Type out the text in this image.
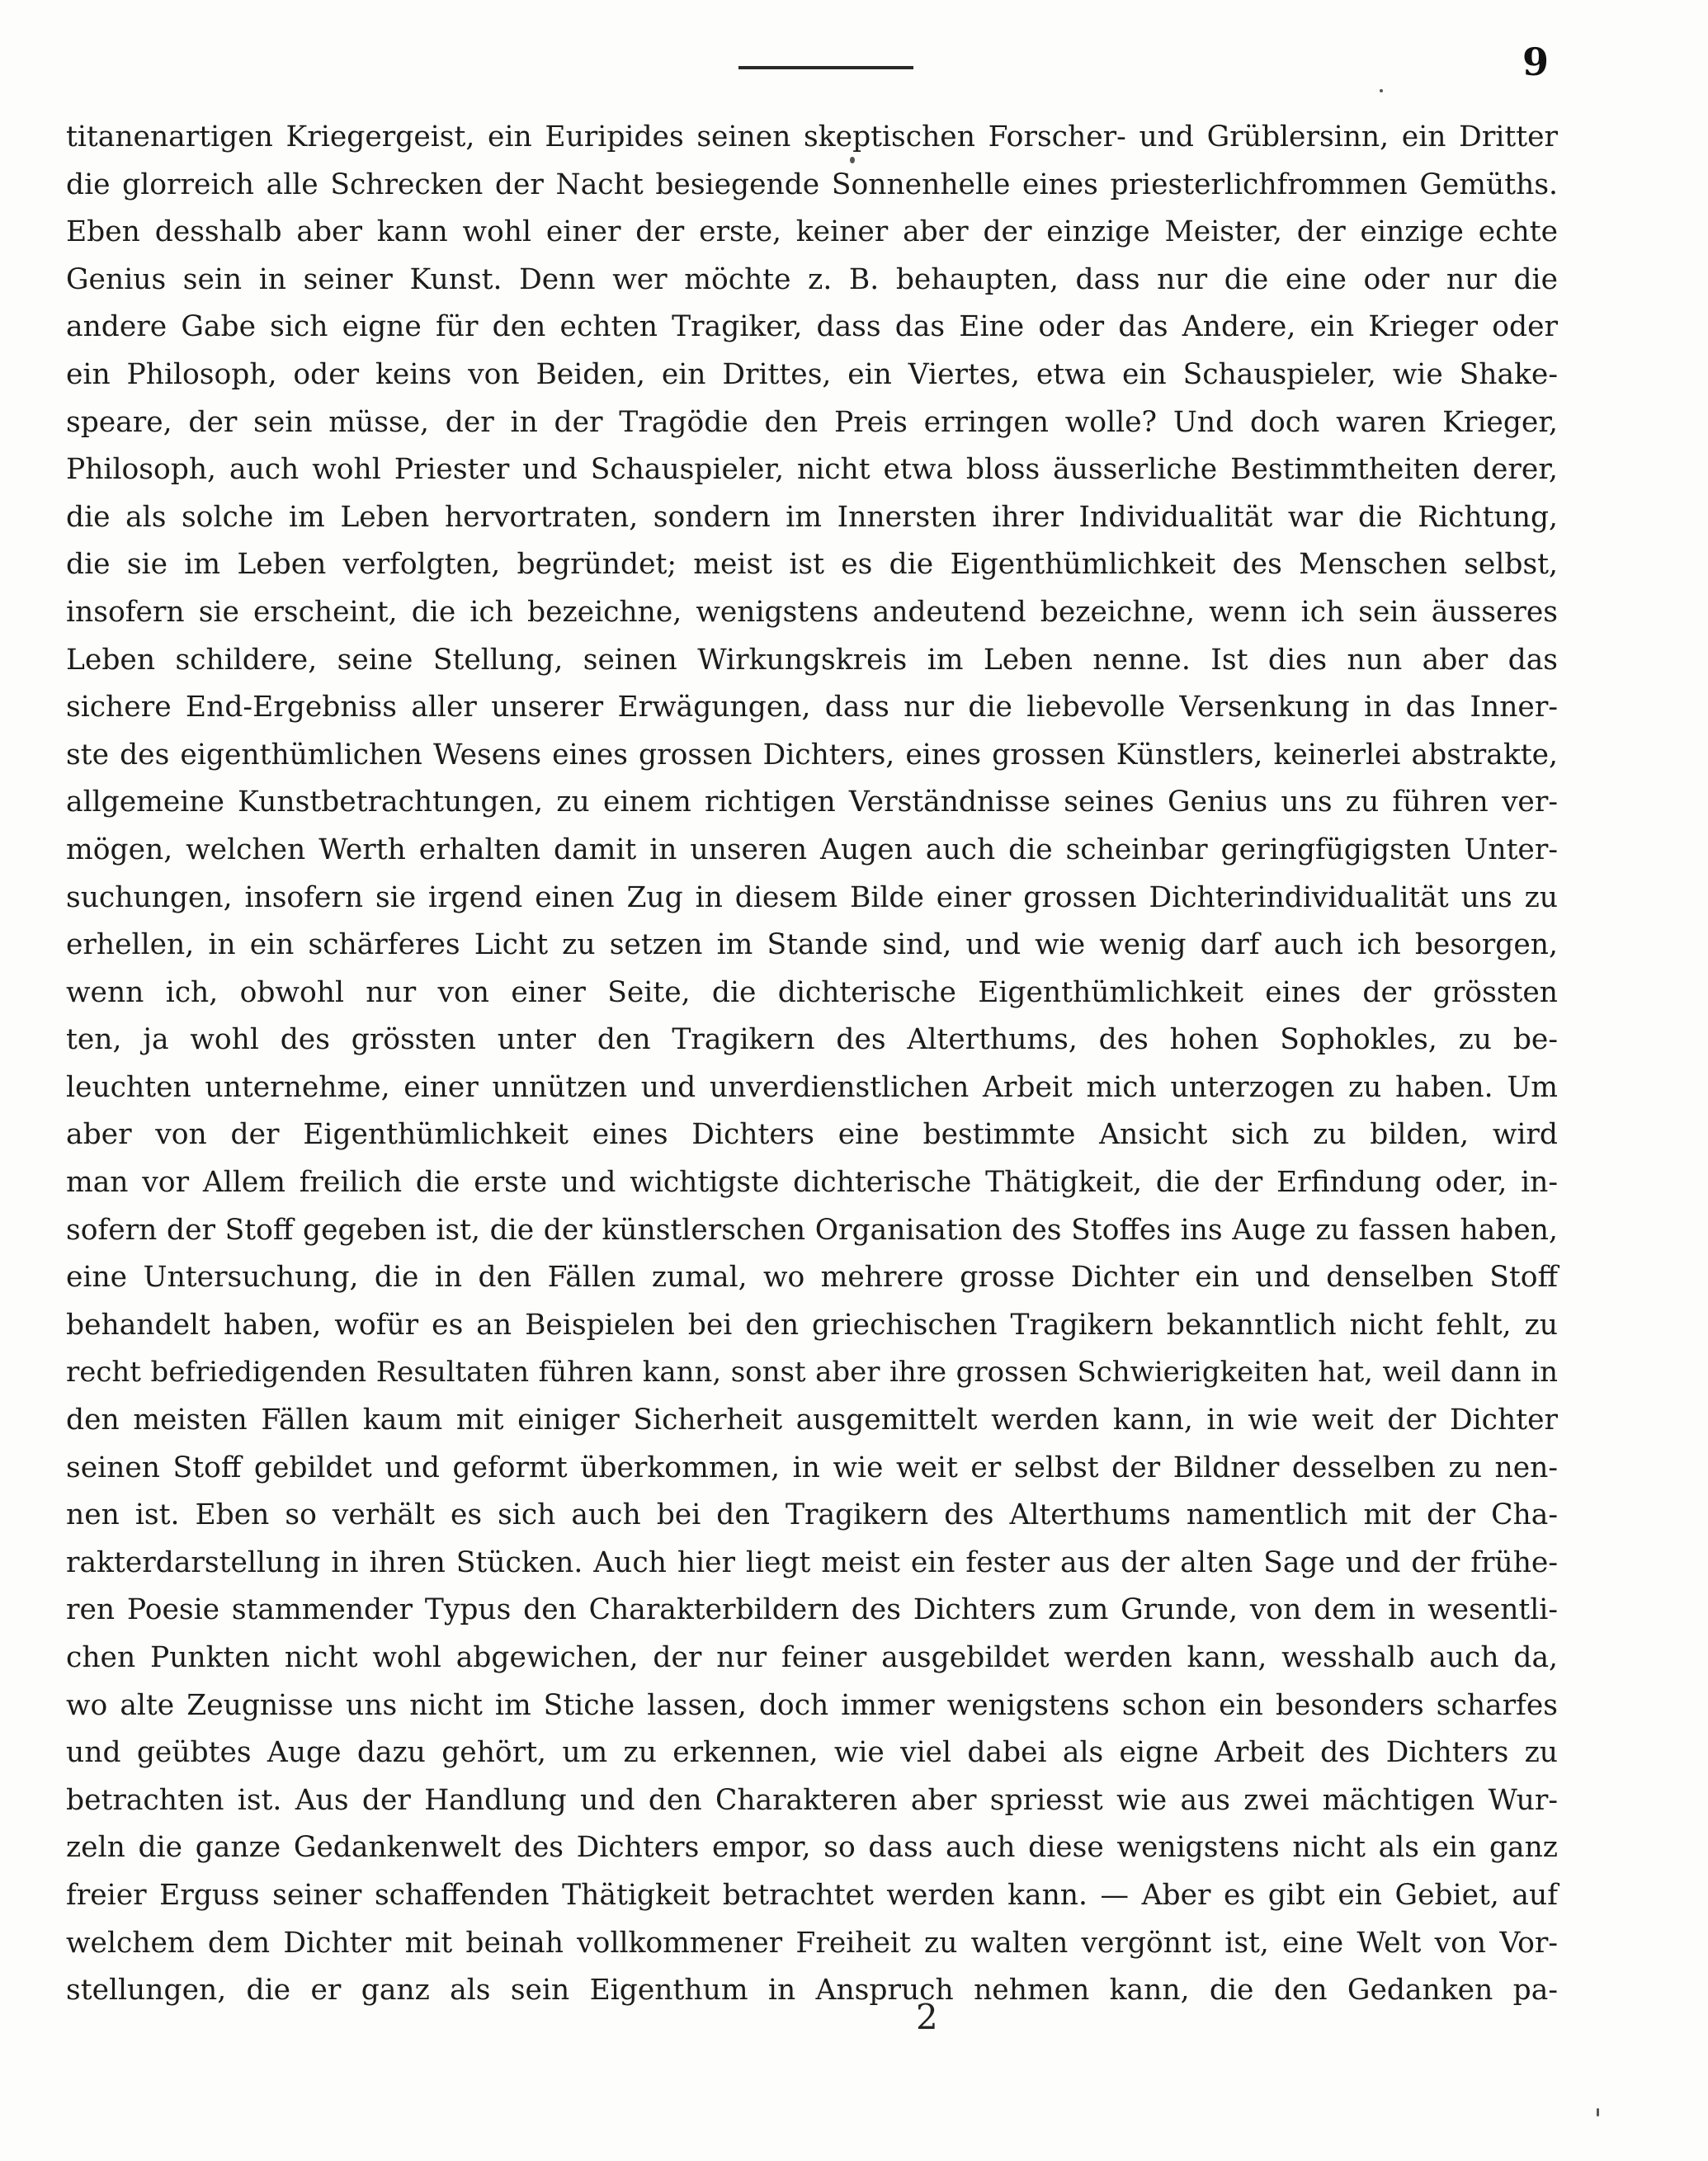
9
titanenartigen Kriegergeist, ein Euripides seinen skeptischen Forscher- und Grüblersinn, ein Dritter
die glorreich alle Schrecken der Nacht besiegende Sonnenhelle eines priesterlichfrommen Gemüths.
Eben desshalb aber kann wohl einer der erste, keiner aber der einzige Meister, der einzige echte
Genius sein in seiner Kunst. Denn wer möchte z. B. behaupten, dass nur die eine oder nur die
andere Gabe sich eigne für den echten Tragiker, dass das Eine oder das Andere, ein Krieger oder
ein Philosoph, oder keins von Beiden, ein Drittes, ein Viertes, etwa ein Schauspieler, wie Shake-
speare, der sein müsse, der in der Tragödie den Preis erringen wolle? Und doch waren Krieger,
Philosoph, auch wohl Priester und Schauspieler, nicht etwa bloss äusserliche Bestimmtheiten derer,
die als solche im Leben hervortraten, sondern im Innersten ihrer Individualität war die Richtung,
die sie im Leben verfolgten, begründet; meist ist es die Eigenthümlichkeit des Menschen selbst,
insofern sie erscheint, die ich bezeichne, wenigstens andeutend bezeichne, wenn ich sein äusseres
Leben schildere, seine Stellung, seinen Wirkungskreis im Leben nenne. Ist dies nun aber das
sichere End-Ergebniss aller unserer Erwägungen, dass nur die liebevolle Versenkung in das Inner-
ste des eigenthümlichen Wesens eines grossen Dichters, eines grossen Künstlers, keinerlei abstrakte,
allgemeine Kunstbetrachtungen, zu einem richtigen Verständnisse seines Genius uns zu führen ver-
mögen, welchen Werth erhalten damit in unseren Augen auch die scheinbar geringfügigsten Unter-
suchungen, insofern sie irgend einen Zug in diesem Bilde einer grossen Dichterindividualität uns zu
erhellen, in ein schärferes Licht zu setzen im Stande sind, und wie wenig darf auch ich besorgen,
wenn ich, obwohl nur von einer Seite, die dichterische Eigenthümlichkeit eines der grössten
ten, ja wohl des grössten unter den Tragikern des Alterthums, des hohen Sophokles, zu be-
leuchten unternehme, einer unnützen und unverdienstlichen Arbeit mich unterzogen zu haben. Um
aber von der Eigenthümlichkeit eines Dichters eine bestimmte Ansicht sich zu bilden, wird
man vor Allem freilich die erste und wichtigste dichterische Thätigkeit, die der Erfindung oder, in-
sofern der Stoff gegeben ist, die der künstlerschen Organisation des Stoffes ins Auge zu fassen haben,
eine Untersuchung, die in den Fällen zumal, wo mehrere grosse Dichter ein und denselben Stoff
behandelt haben, wofür es an Beispielen bei den griechischen Tragikern bekanntlich nicht fehlt, zu
recht befriedigenden Resultaten führen kann, sonst aber ihre grossen Schwierigkeiten hat, weil dann in
den meisten Fällen kaum mit einiger Sicherheit ausgemittelt werden kann, in wie weit der Dichter
seinen Stoff gebildet und geformt überkommen, in wie weit er selbst der Bildner desselben zu nen-
nen ist. Eben so verhält es sich auch bei den Tragikern des Alterthums namentlich mit der Cha-
rakterdarstellung in ihren Stücken. Auch hier liegt meist ein fester aus der alten Sage und der frühe-
ren Poesie stammender Typus den Charakterbildern des Dichters zum Grunde, von dem in wesentli-
chen Punkten nicht wohl abgewichen, der nur feiner ausgebildet werden kann, wesshalb auch da,
wo alte Zeugnisse uns nicht im Stiche lassen, doch immer wenigstens schon ein besonders scharfes
und geübtes Auge dazu gehört, um zu erkennen, wie viel dabei als eigne Arbeit des Dichters zu
betrachten ist. Aus der Handlung und den Charakteren aber spriesst wie aus zwei mächtigen Wur-
zeln die ganze Gedankenwelt des Dichters empor, so dass auch diese wenigstens nicht als ein ganz
freier Erguss seiner schaffenden Thätigkeit betrachtet werden kann. — Aber es gibt ein Gebiet, auf
welchem dem Dichter mit beinah vollkommener Freiheit zu walten vergönnt ist, eine Welt von Vor-
stellungen, die er ganz als sein Eigenthum in Anspruch nehmen kann, die den Gedanken pa-
2
